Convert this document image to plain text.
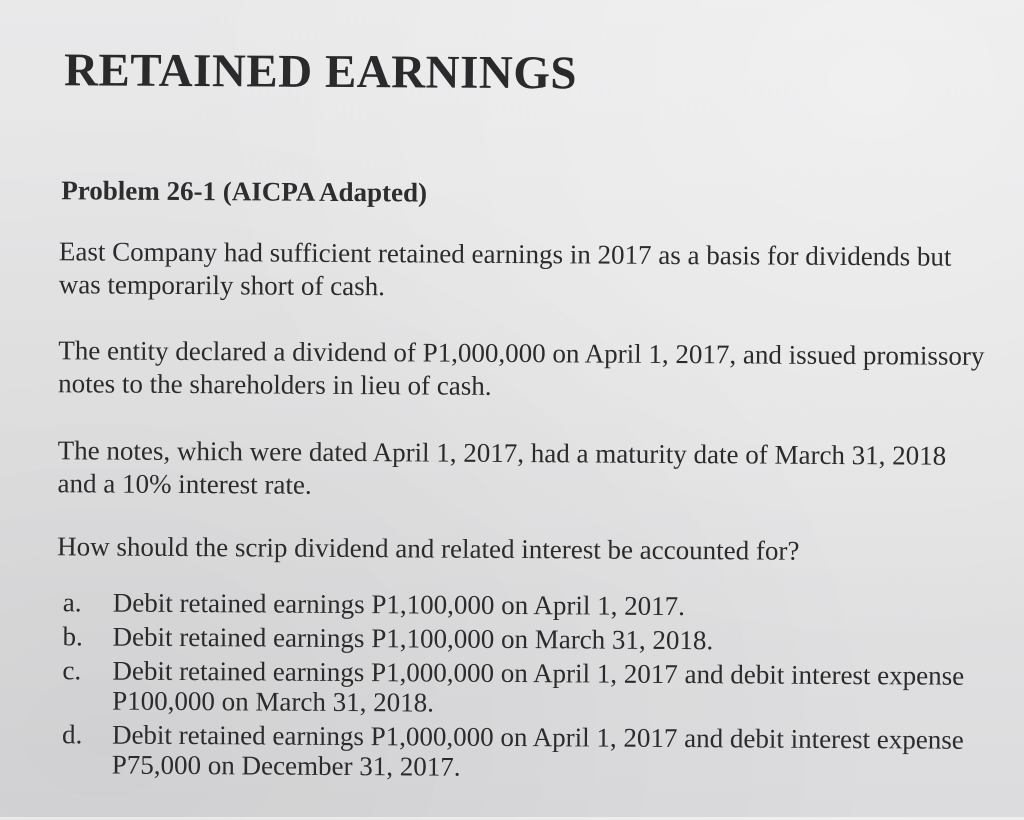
RETAINED EARNINGS
Problem 26-1 (AICPA Adapted)

East Company had sufficient retained earnings in 2017 as a basis for dividends but was temporarily short of cash.

The entity declared a dividend of P1,000,000 on April 1, 2017, and issued promissory notes to the shareholders in lieu of cash.

The notes, which were dated April 1, 2017, had a maturity date of March 31, 2018 and a 10% interest rate.

How should the scrip dividend and related interest be accounted for?

a. Debit retained earnings P1,100,000 on April 1, 2017.
b. Debit retained earnings P1,100,000 on March 31, 2018.
c. Debit retained earnings P1,000,000 on April 1, 2017 and debit interest expense P100,000 on March 31, 2018.
d. Debit retained earnings P1,000,000 on April 1, 2017 and debit interest expense P75,000 on December 31, 2017.
